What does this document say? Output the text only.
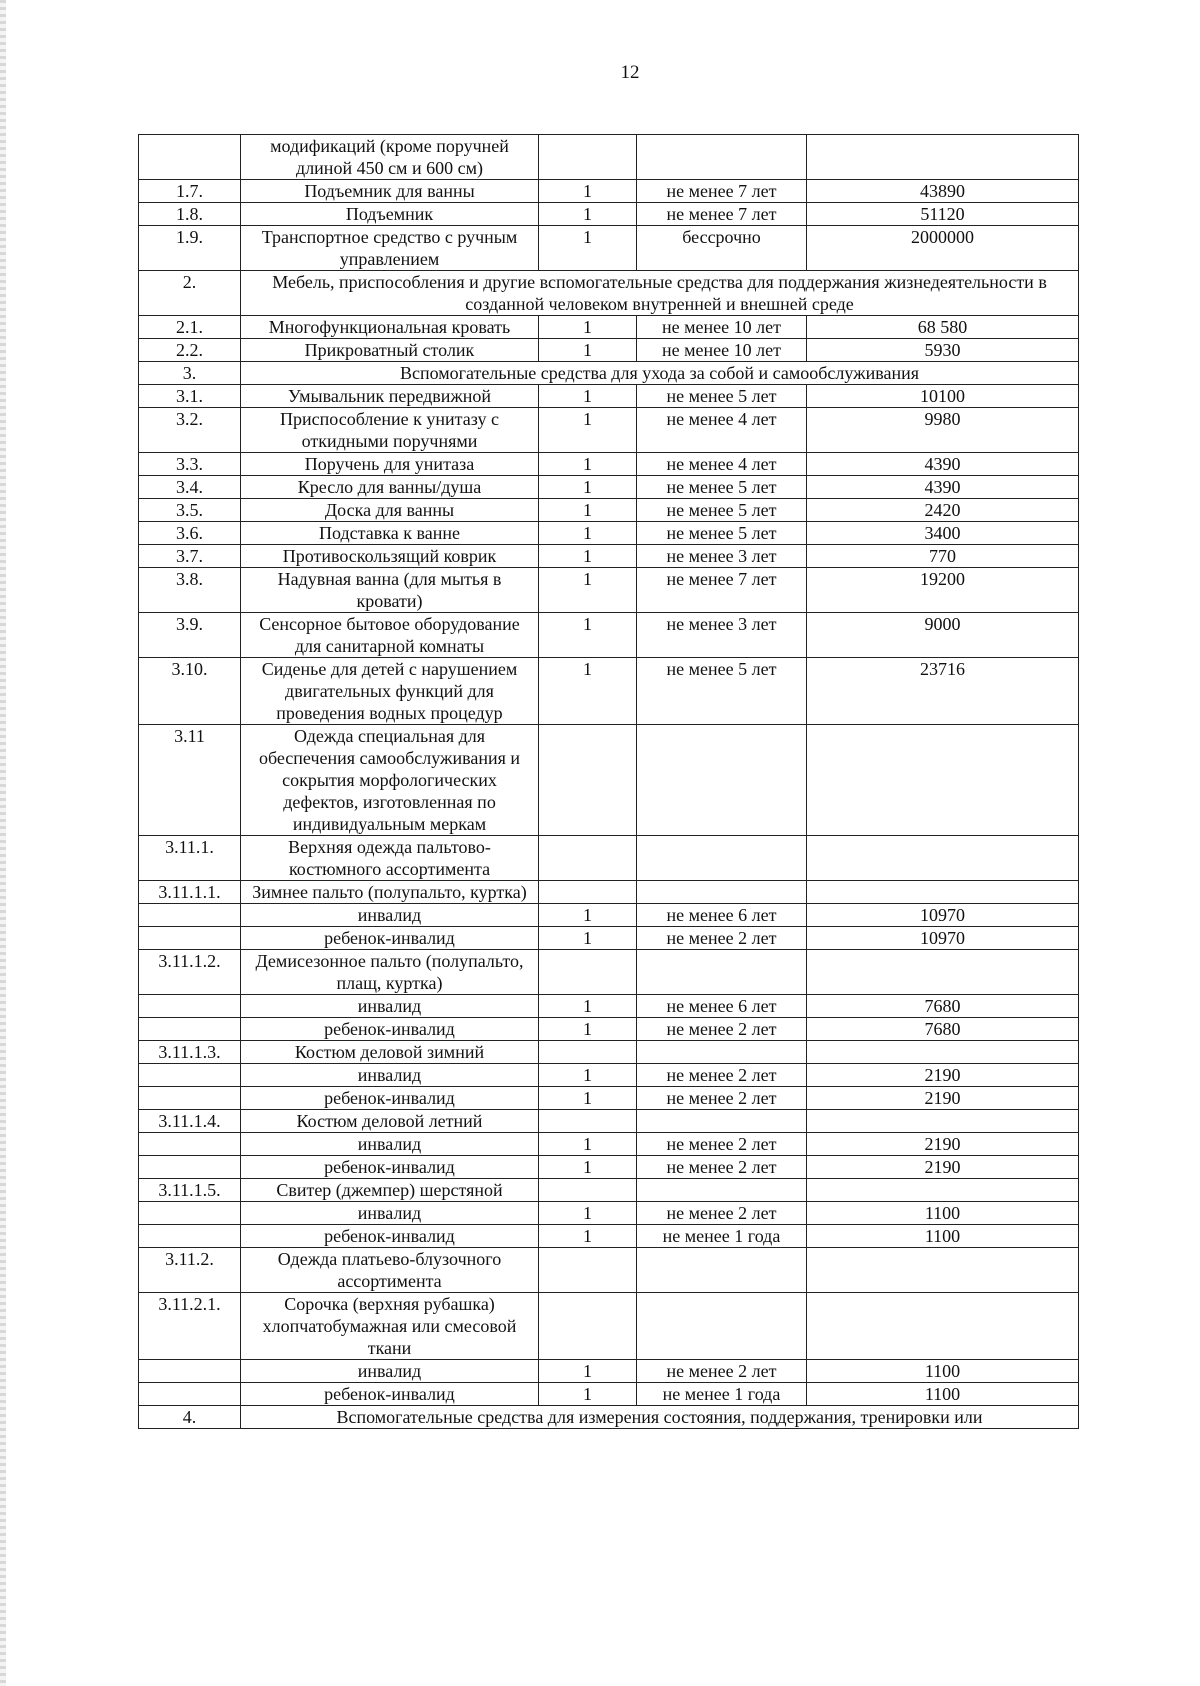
12
	модификаций (кроме поручней длиной 450 см и 600 см)			
1.7.	Подъемник для ванны	1	не менее 7 лет	43890
1.8.	Подъемник	1	не менее 7 лет	51120
1.9.	Транспортное средство с ручным управлением	1	бессрочно	2000000
2.	Мебель, приспособления и другие вспомогательные средства для поддержания жизнедеятельности в созданной человеком внутренней и внешней среде			
2.1.	Многофункциональная кровать	1	не менее 10 лет	68 580
2.2.	Прикроватный столик	1	не менее 10 лет	5930
3.	Вспомогательные средства для ухода за собой и самообслуживания			
3.1.	Умывальник передвижной	1	не менее 5 лет	10100
3.2.	Приспособление к унитазу с откидными поручнями	1	не менее 4 лет	9980
3.3.	Поручень для унитаза	1	не менее 4 лет	4390
3.4.	Кресло для ванны/душа	1	не менее 5 лет	4390
3.5.	Доска для ванны	1	не менее 5 лет	2420
3.6.	Подставка к ванне	1	не менее 5 лет	3400
3.7.	Противоскользящий коврик	1	не менее 3 лет	770
3.8.	Надувная ванна (для мытья в кровати)	1	не менее 7 лет	19200
3.9.	Сенсорное бытовое оборудование для санитарной комнаты	1	не менее 3 лет	9000
3.10.	Сиденье для детей с нарушением двигательных функций для проведения водных процедур	1	не менее 5 лет	23716
3.11	Одежда специальная для обеспечения самообслуживания и сокрытия морфологических дефектов, изготовленная по индивидуальным меркам			
3.11.1.	Верхняя одежда пальтово-костюмного ассортимента			
3.11.1.1.	Зимнее пальто (полупальто, куртка)			
	инвалид	1	не менее 6 лет	10970
	ребенок-инвалид	1	не менее 2 лет	10970
3.11.1.2.	Демисезонное пальто (полупальто, плащ, куртка)			
	инвалид	1	не менее 6 лет	7680
	ребенок-инвалид	1	не менее 2 лет	7680
3.11.1.3.	Костюм деловой зимний			
	инвалид	1	не менее 2 лет	2190
	ребенок-инвалид	1	не менее 2 лет	2190
3.11.1.4.	Костюм деловой летний			
	инвалид	1	не менее 2 лет	2190
	ребенок-инвалид	1	не менее 2 лет	2190
3.11.1.5.	Свитер (джемпер) шерстяной			
	инвалид	1	не менее 2 лет	1100
	ребенок-инвалид	1	не менее 1 года	1100
3.11.2.	Одежда платьево-блузочного ассортимента			
3.11.2.1.	Сорочка (верхняя рубашка) хлопчатобумажная или смесовой ткани			
	инвалид	1	не менее 2 лет	1100
	ребенок-инвалид	1	не менее 1 года	1100
4.	Вспомогательные средства для измерения состояния, поддержания, тренировки или			
